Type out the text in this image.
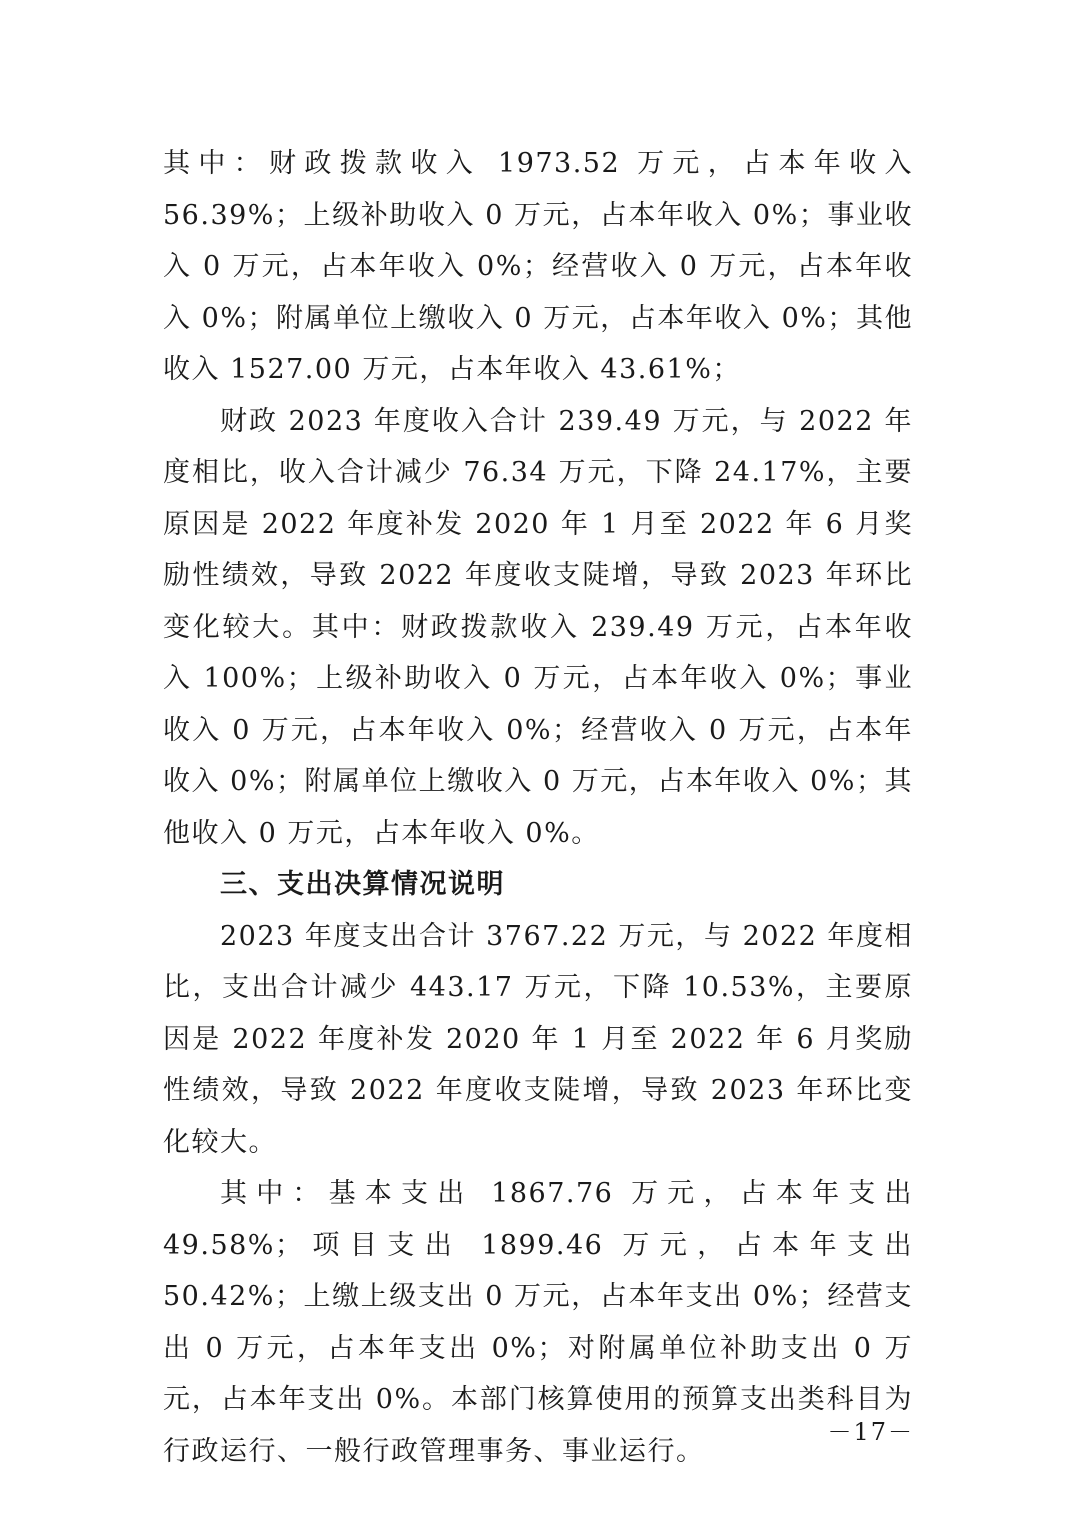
其中：财政拨款收入 1973.52 万元，占本年收入 56.39%；上级补助收入 0 万元，占本年收入 0%；事业收入 0 万元，占本年收入 0%；经营收入 0 万元，占本年收入 0%；附属单位上缴收入 0 万元，占本年收入 0%；其他收入 1527.00 万元，占本年收入 43.61%；

财政 2023 年度收入合计 239.49 万元，与 2022 年度相比，收入合计减少 76.34 万元，下降 24.17%，主要原因是 2022 年度补发 2020 年 1 月至 2022 年 6 月奖励性绩效，导致 2022 年度收支陡增，导致 2023 年环比变化较大。其中：财政拨款收入 239.49 万元，占本年收入 100%；上级补助收入 0 万元，占本年收入 0%；事业收入 0 万元，占本年收入 0%；经营收入 0 万元，占本年收入 0%；附属单位上缴收入 0 万元，占本年收入 0%；其他收入 0 万元，占本年收入 0%。

三、支出决算情况说明

2023 年度支出合计 3767.22 万元，与 2022 年度相比，支出合计减少 443.17 万元，下降 10.53%，主要原因是 2022 年度补发 2020 年 1 月至 2022 年 6 月奖励性绩效，导致 2022 年度收支陡增，导致 2023 年环比变化较大。

其中：基本支出 1867.76 万元，占本年支出 49.58%；项目支出 1899.46 万元，占本年支出 50.42%；上缴上级支出 0 万元，占本年支出 0%；经营支出 0 万元，占本年支出 0%；对附属单位补助支出 0 万元，占本年支出 0%。本部门核算使用的预算支出类科目为行政运行、一般行政管理事务、事业运行。

－17－
